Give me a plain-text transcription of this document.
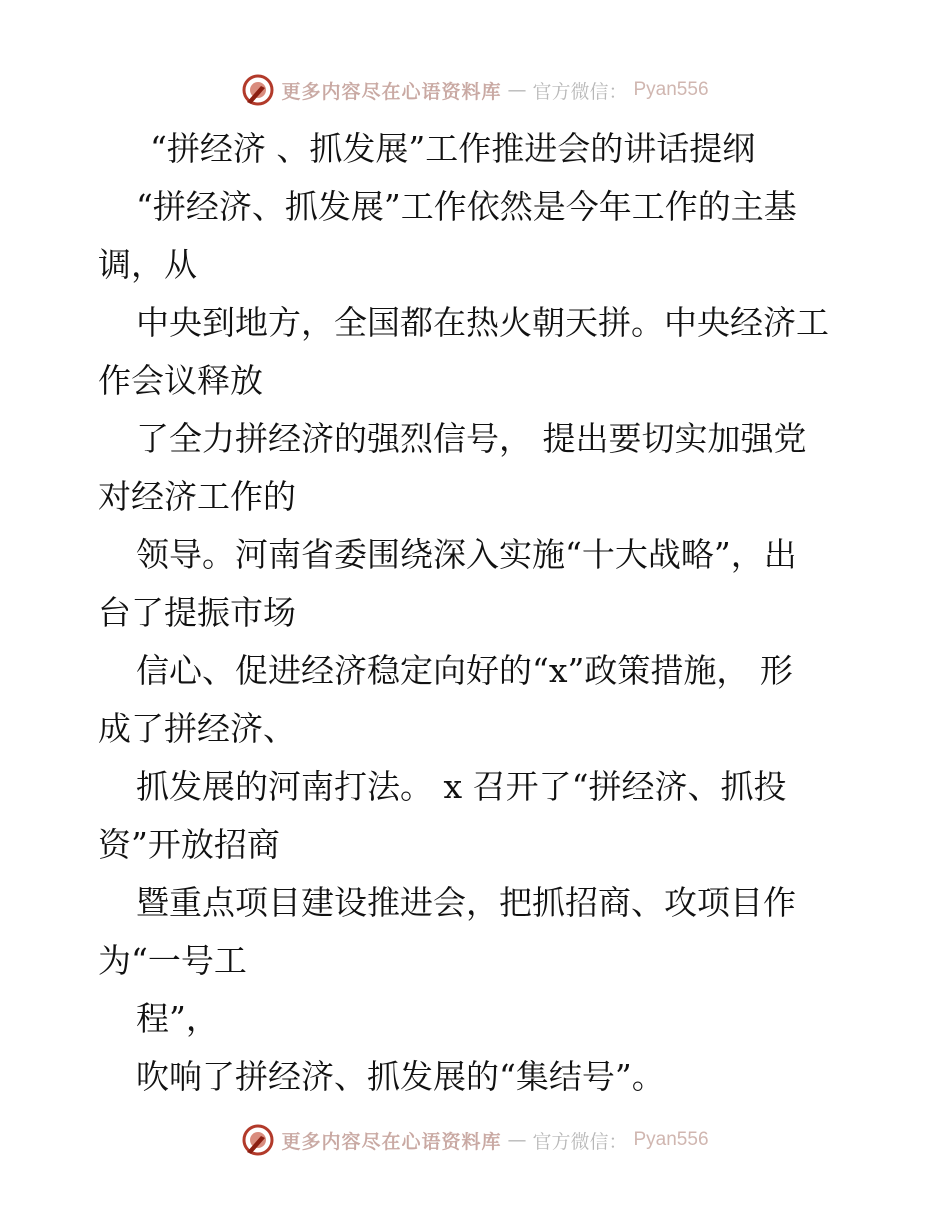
更多内容尽在心语资料库 — 官方微信： Pyan556
“拼经济 、抓发展”工作推进会的讲话提纲

“拼经济、抓发展”工作依然是今年工作的主基

调，从

中央到地方，全国都在热火朝天拼。中央经济工

作会议释放

了全力拼经济的强烈信号， 提出要切实加强党

对经济工作的

领导。河南省委围绕深入实施“十大战略”，出

台了提振市场

信心、促进经济稳定向好的“x”政策措施， 形

成了拼经济、

抓发展的河南打法。 x 召开了“拼经济、抓投

资”开放招商

暨重点项目建设推进会，把抓招商、攻项目作

为“一号工

程”，

吹响了拼经济、抓发展的“集结号”。

更多内容尽在心语资料库 — 官方微信： Pyan556
